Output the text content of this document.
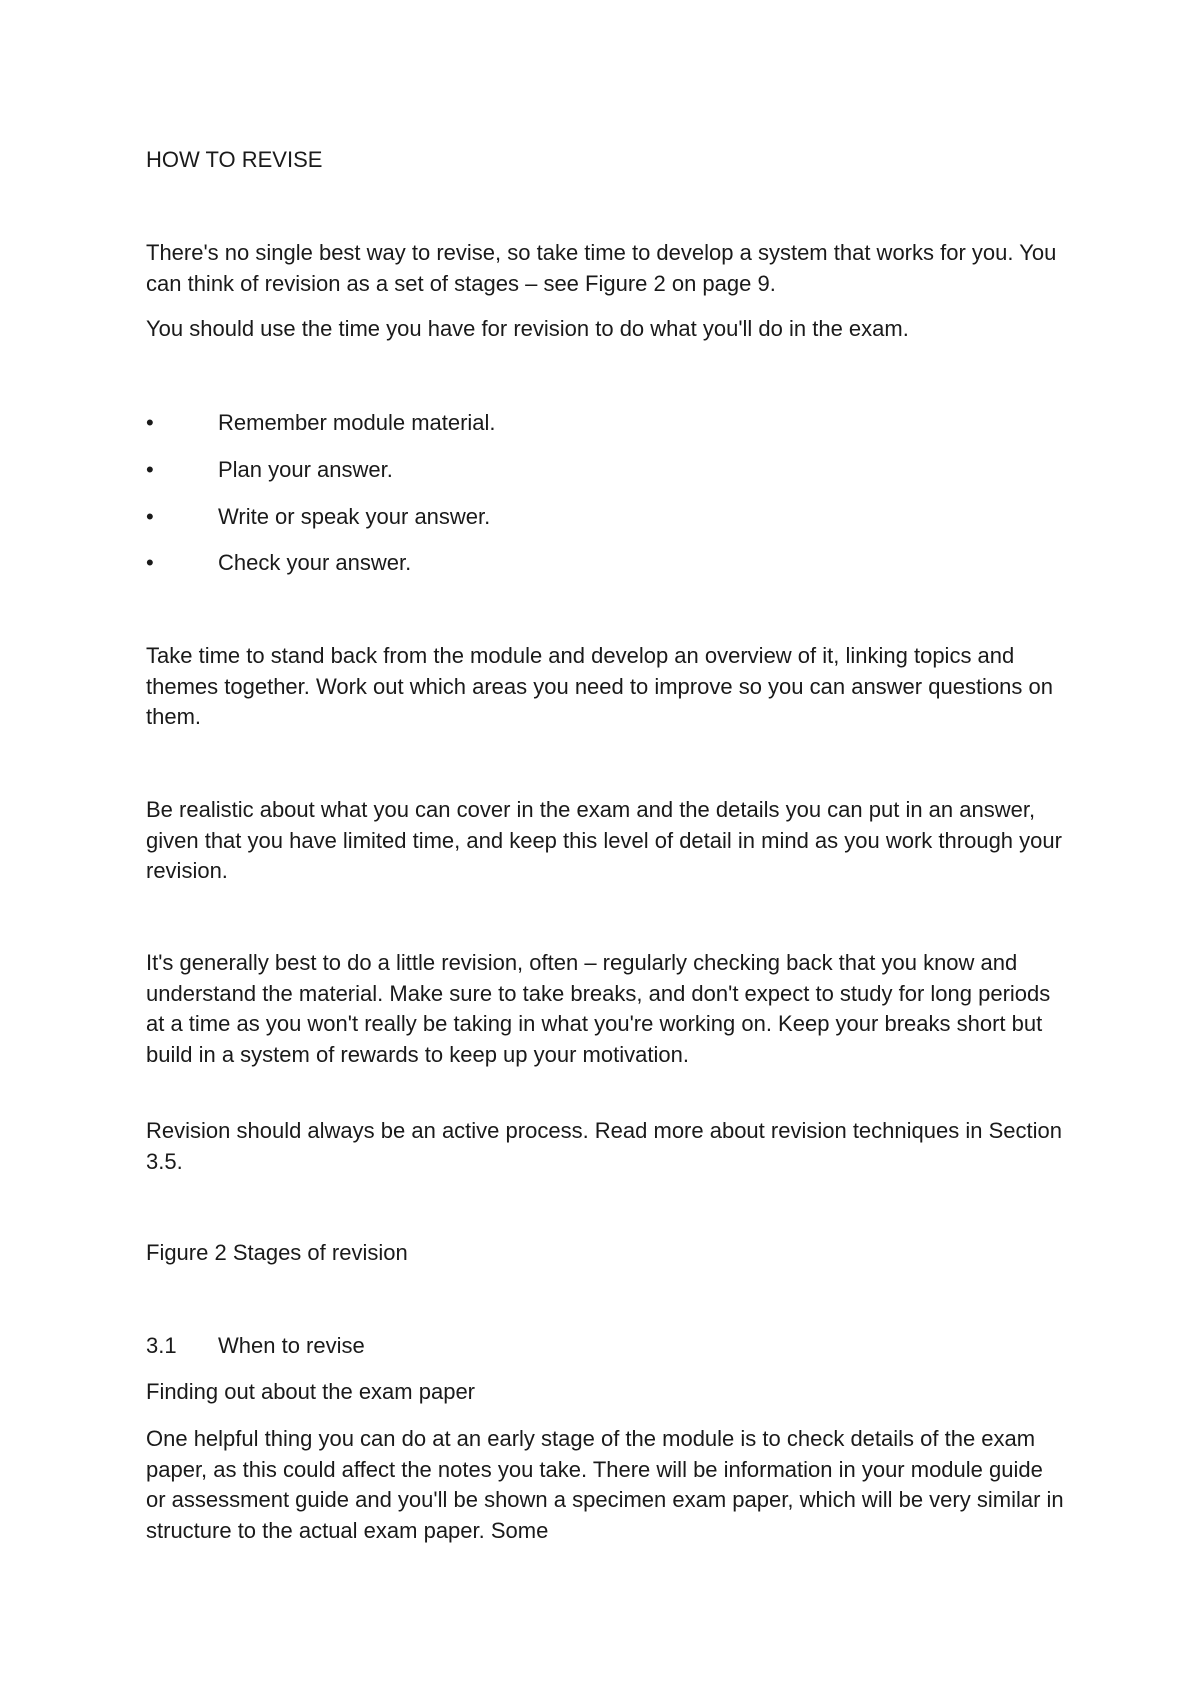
HOW TO REVISE

There's no single best way to revise, so take time to develop a system that works for you. You can think of revision as a set of stages – see Figure 2 on page 9.

You should use the time you have for revision to do what you'll do in the exam.

•	Remember module material.
•	Plan your answer.
•	Write or speak your answer.
•	Check your answer.

Take time to stand back from the module and develop an overview of it, linking topics and themes together. Work out which areas you need to improve so you can answer questions on them.

Be realistic about what you can cover in the exam and the details you can put in an answer, given that you have limited time, and keep this level of detail in mind as you work through your revision.

It's generally best to do a little revision, often – regularly checking back that you know and understand the material. Make sure to take breaks, and don't expect to study for long periods at a time as you won't really be taking in what you're working on. Keep your breaks short but build in a system of rewards to keep up your motivation.

Revision should always be an active process. Read more about revision techniques in Section 3.5.

Figure 2 Stages of revision
3.1 When to revise
Finding out about the exam paper

One helpful thing you can do at an early stage of the module is to check details of the exam paper, as this could affect the notes you take. There will be information in your module guide or assessment guide and you'll be shown a specimen exam paper, which will be very similar in structure to the actual exam paper. Some
